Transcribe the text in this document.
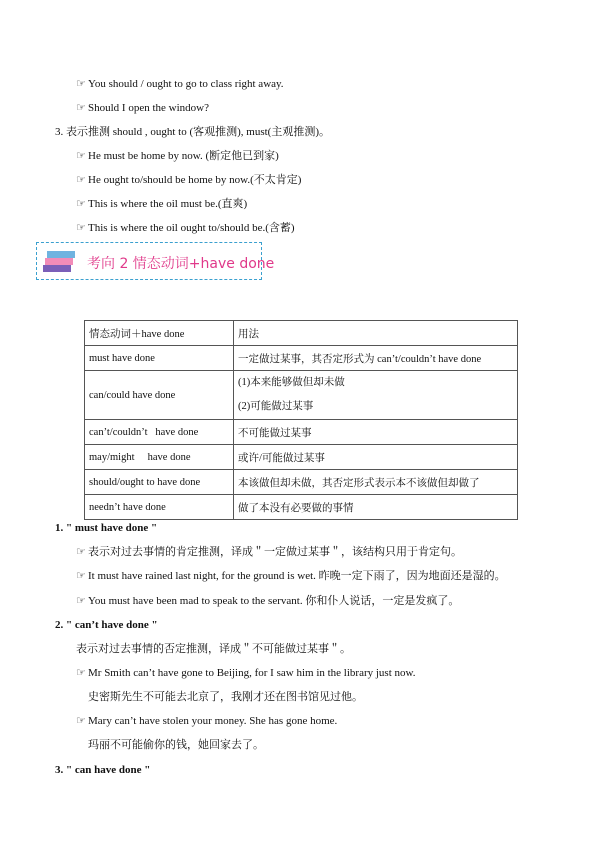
☞ You should / ought to go to class right away.
☞ Should I open the window?
3. 表示推测 should , ought to (客观推测), must(主观推测)。
☞ He must be home by now. (断定他已到家)
☞ He ought to/should be home by now.(不太肯定)
☞ This is where the oil must be.(直爽)
☞ This is where the oil ought to/should be.(含蓄)
考向 2 情态动词+have done
情态动词＋have done	用法
must have done	一定做过某事，其否定形式为 can’t/couldn’t have done
can/could have done	(1)本来能够做但却未做
(2)可能做过某事

can’t/couldn’t   have done	不可能做过某事
may/might     have done	或许/可能做过某事
should/ought to have done	本该做但却未做，其否定形式表示本不该做但却做了
needn’t have done	做了本没有必要做的事情
1. " must have done "
☞ 表示对过去事情的肯定推测，译成＂一定做过某事＂，该结构只用于肯定句。
☞ It must have rained last night, for the ground is wet. 昨晚一定下雨了，因为地面还是湿的。
☞ You must have been mad to speak to the servant. 你和仆人说话，一定是发疯了。
2. " can’t have done "
表示对过去事情的否定推测，译成＂不可能做过某事＂。
☞ Mr Smith can’t have gone to Beijing, for I saw him in the library just now.
史密斯先生不可能去北京了，我刚才还在图书馆见过他。
☞ Mary can’t have stolen your money. She has gone home.
玛丽不可能偷你的钱，她回家去了。
3. " can have done "
